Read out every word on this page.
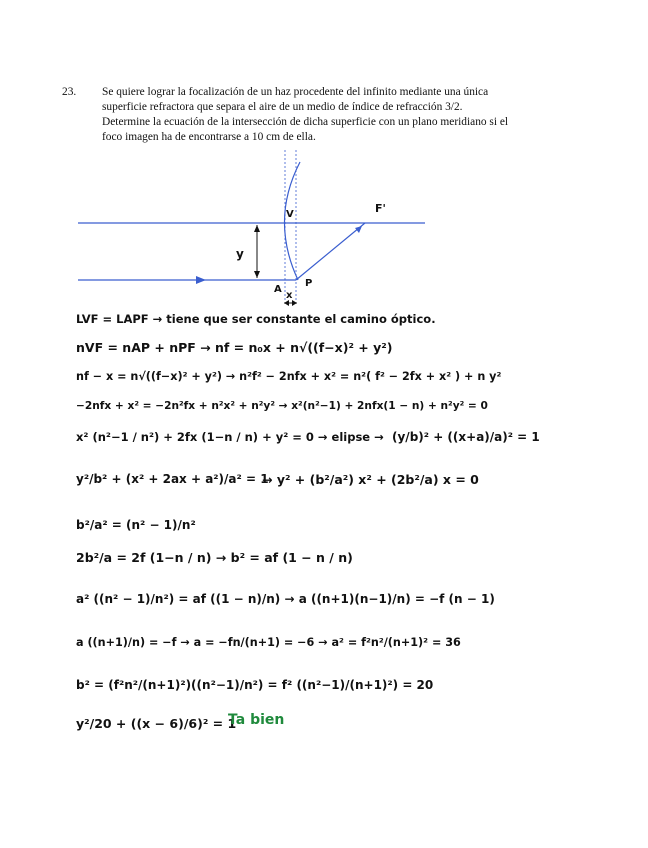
23. Se quiere lograr la focalización de un haz procedente del infinito mediante una única
superficie refractora que separa el aire de un medio de índice de refracción 3/2.
Determine la ecuación de la intersección de dicha superficie con un plano meridiano si el
foco imagen ha de encontrarse a 10 cm de ella.
V	F'
y
A
P
x
LVF = LAPF → tiene que ser constante el camino óptico.
nVF = nAP + nPF → nf = n₀x + n√((f−x)² + y²)
nf − x = n√((f−x)² + y²) → n²f² − 2nfx + x² = n²( f² − 2fx + x² ) + n y²
−2nfx + x² = −2n²fx + n²x² + n²y² → x²(n²−1) + 2nfx(1 − n) + n²y² = 0
x² (n²−1 / n²) + 2fx (1−n / n) + y² = 0 → elipse → (y/b)² + ((x+a)/a)² = 1
y²/b² + (x² + 2ax + a²)/a² = 1
→ y² + (b²/a²) x² + (2b²/a) x = 0
b²/a² = (n² − 1)/n²
2b²/a = 2f (1−n / n) → b² = af (1 − n / n)
a² ((n² − 1)/n²) = af ((1 − n)/n) → a ((n+1)(n−1)/n) = −f (n − 1)
a ((n+1)/n) = −f → a = −fn/(n+1) = −6 → a² = f²n²/(n+1)² = 36
b² = (f²n²/(n+1)²)((n²−1)/n²) = f² ((n²−1)/(n+1)²) = 20
y²/20 + ((x − 6)/6)² = 1
Ta bien
